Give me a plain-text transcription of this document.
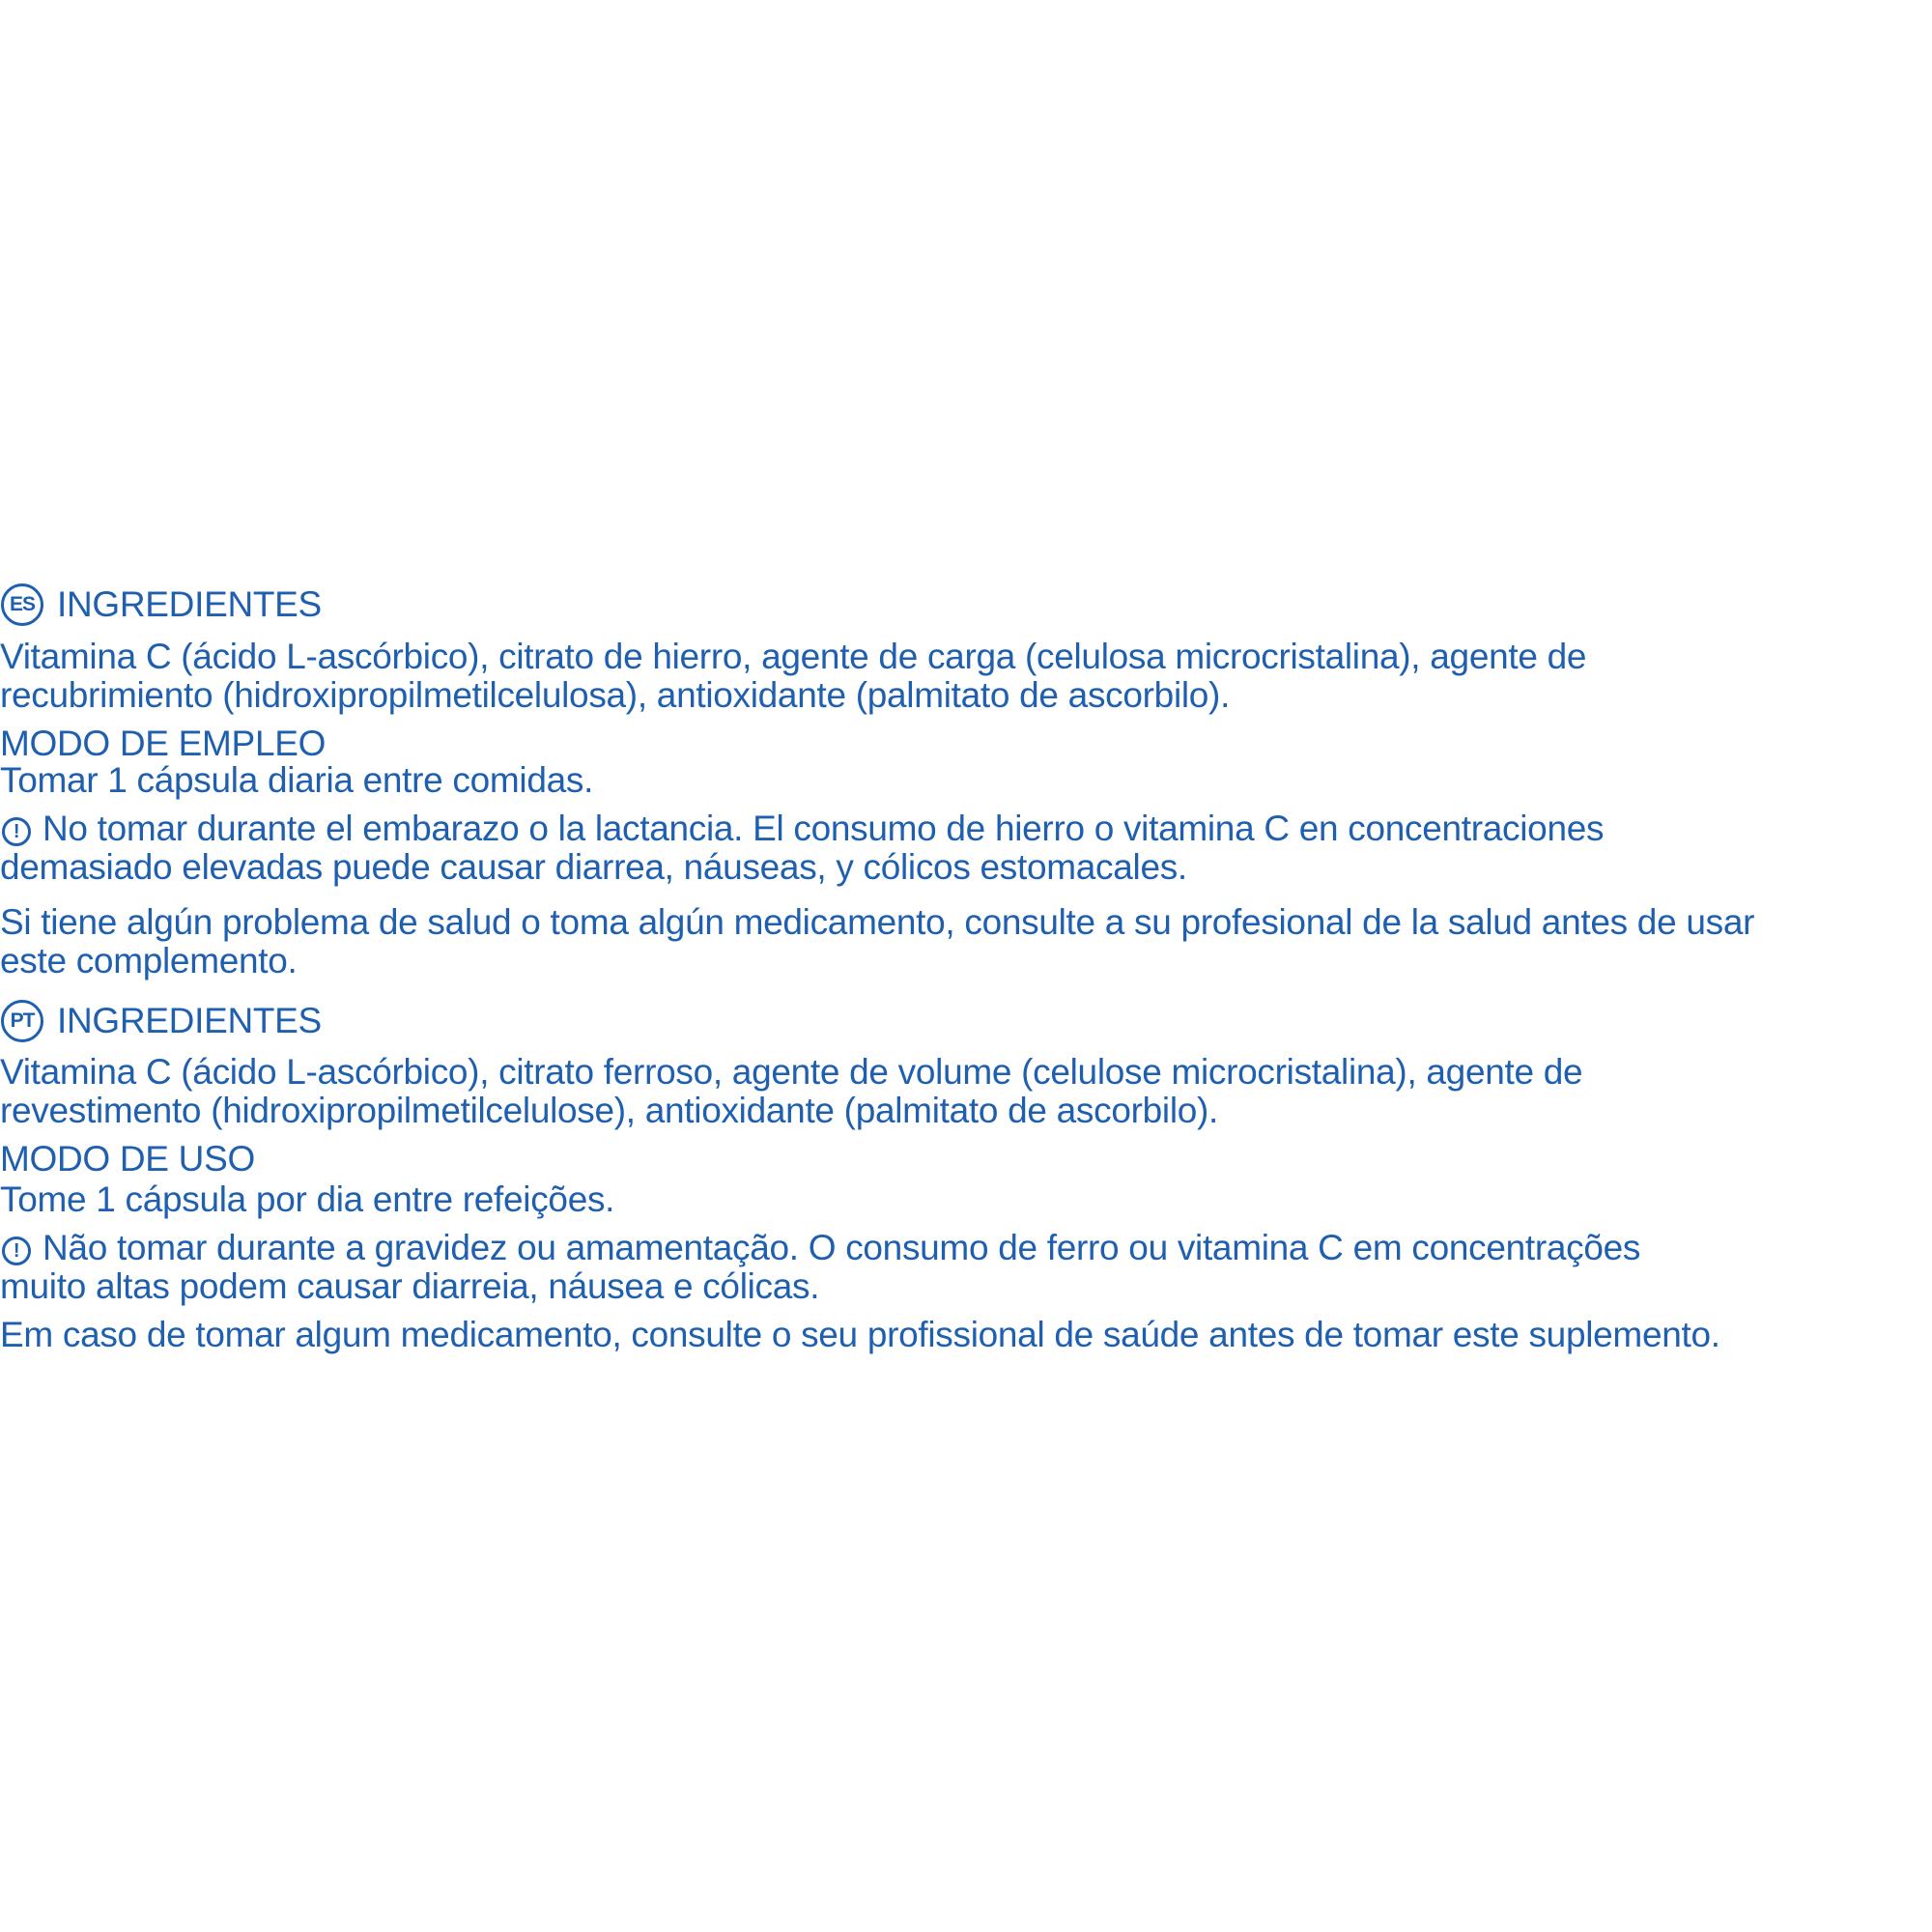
ES INGREDIENTES
Vitamina C (ácido L-ascórbico), citrato de hierro, agente de carga (celulosa microcristalina), agente de
recubrimiento (hidroxipropilmetilcelulosa), antioxidante (palmitato de ascorbilo).
MODO DE EMPLEO
Tomar 1 cápsula diaria entre comidas.
! No tomar durante el embarazo o la lactancia. El consumo de hierro o vitamina C en concentraciones
demasiado elevadas puede causar diarrea, náuseas, y cólicos estomacales.
Si tiene algún problema de salud o toma algún medicamento, consulte a su profesional de la salud antes de usar
este complemento.
PT INGREDIENTES
Vitamina C (ácido L-ascórbico), citrato ferroso, agente de volume (celulose microcristalina), agente de
revestimento (hidroxipropilmetilcelulose), antioxidante (palmitato de ascorbilo).
MODO DE USO
Tome 1 cápsula por dia entre refeições.
! Não tomar durante a gravidez ou amamentação. O consumo de ferro ou vitamina C em concentrações
muito altas podem causar diarreia, náusea e cólicas.
Em caso de tomar algum medicamento, consulte o seu profissional de saúde antes de tomar este suplemento.
